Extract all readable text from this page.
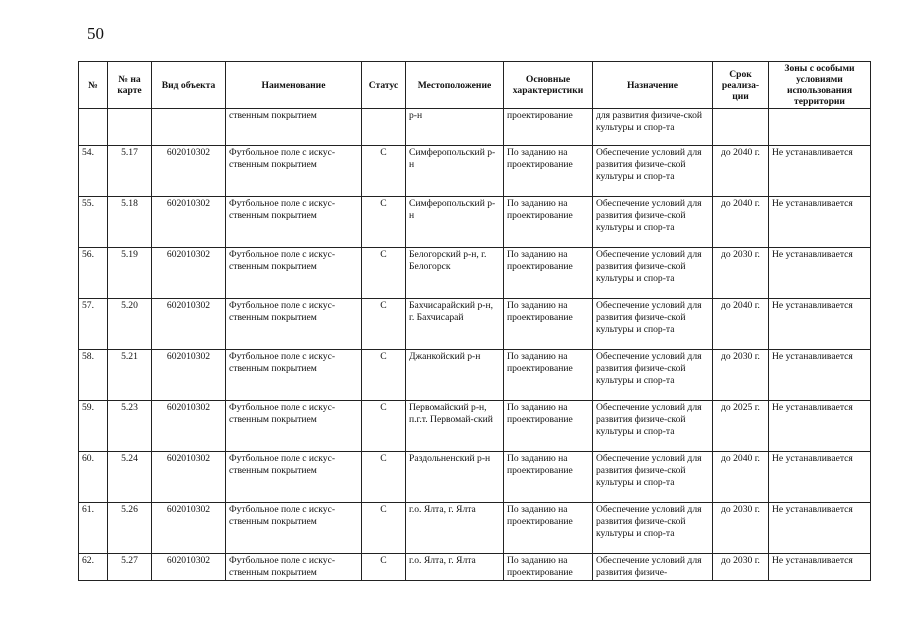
50
№	№ на карте	Вид объекта	Наименование	Статус	Местоположение	Основные характеристики	Назначение	Срок реализа-ции	Зоны с особыми условиями использования территории
			ственным покрытием		р-н	проектирование	для развития физиче-ской культуры и спор-та		
54.	5.17	602010302	Футбольное поле с искус-ственным покрытием	С	Симферопольский р-н	По заданию на проектирование	Обеспечение условий для развития физиче-ской культуры и спор-та	до 2040 г.	Не устанавливается
55.	5.18	602010302	Футбольное поле с искус-ственным покрытием	С	Симферопольский р-н	По заданию на проектирование	Обеспечение условий для развития физиче-ской культуры и спор-та	до 2040 г.	Не устанавливается
56.	5.19	602010302	Футбольное поле с искус-ственным покрытием	С	Белогорский р-н, г. Белогорск	По заданию на проектирование	Обеспечение условий для развития физиче-ской культуры и спор-та	до 2030 г.	Не устанавливается
57.	5.20	602010302	Футбольное поле с искус-ственным покрытием	С	Бахчисарайский р-н, г. Бахчисарай	По заданию на проектирование	Обеспечение условий для развития физиче-ской культуры и спор-та	до 2040 г.	Не устанавливается
58.	5.21	602010302	Футбольное поле с искус-ственным покрытием	С	Джанкойский р-н	По заданию на проектирование	Обеспечение условий для развития физиче-ской культуры и спор-та	до 2030 г.	Не устанавливается
59.	5.23	602010302	Футбольное поле с искус-ственным покрытием	С	Первомайский р-н, п.г.т. Первомай-ский	По заданию на проектирование	Обеспечение условий для развития физиче-ской культуры и спор-та	до 2025 г.	Не устанавливается
60.	5.24	602010302	Футбольное поле с искус-ственным покрытием	С	Раздольненский р-н	По заданию на проектирование	Обеспечение условий для развития физиче-ской культуры и спор-та	до 2040 г.	Не устанавливается
61.	5.26	602010302	Футбольное поле с искус-ственным покрытием	С	г.о. Ялта, г. Ялта	По заданию на проектирование	Обеспечение условий для развития физиче-ской культуры и спор-та	до 2030 г.	Не устанавливается
62.	5.27	602010302	Футбольное поле с искус-ственным покрытием	С	г.о. Ялта, г. Ялта	По заданию на проектирование	Обеспечение условий для развития физиче-	до 2030 г.	Не устанавливается
